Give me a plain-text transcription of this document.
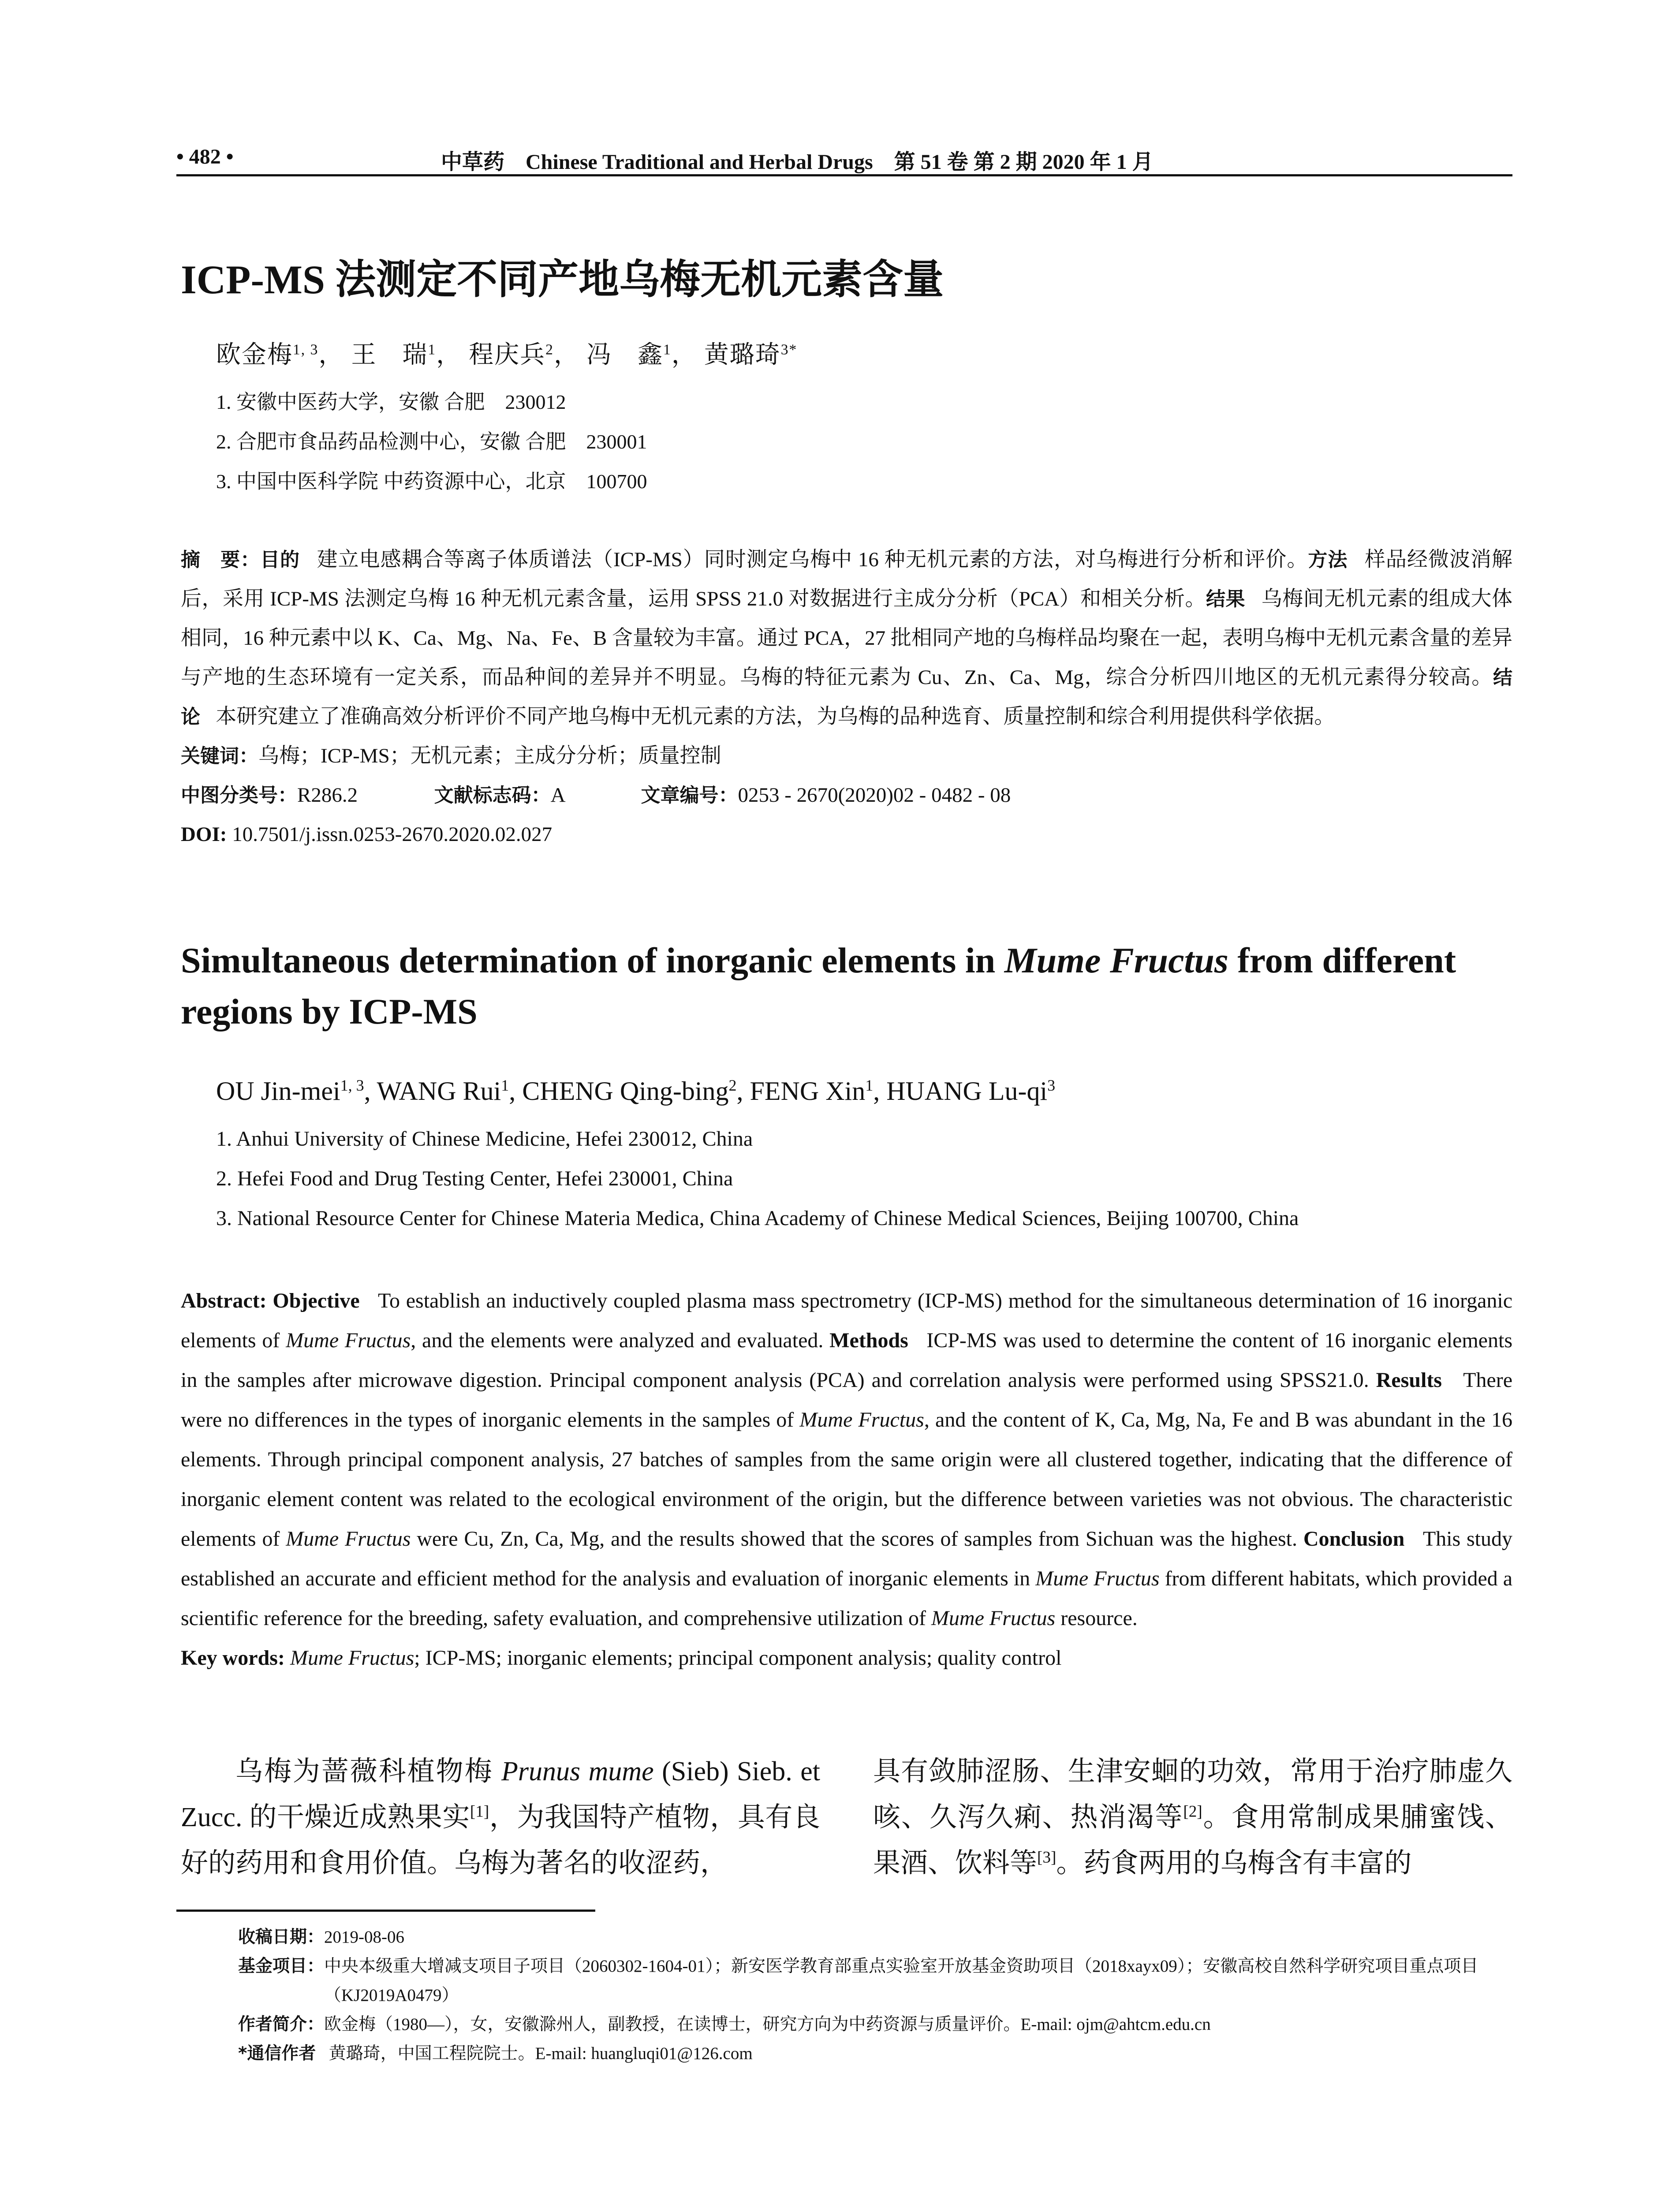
• 482 •	中草药　Chinese Traditional and Herbal Drugs　第 51 卷 第 2 期 2020 年 1 月
ICP-MS 法测定不同产地乌梅无机元素含量
欧金梅$^{1, 3}$， 王　瑞$^1$， 程庆兵$^2$， 冯　鑫$^1$， 黄璐琦$^{3*}$
1. 安徽中医药大学，安徽 合肥　230012
2. 合肥市食品药品检测中心，安徽 合肥　230001
3. 中国中医科学院 中药资源中心，北京　100700

摘　要：目的 建立电感耦合等离子体质谱法（ICP-MS）同时测定乌梅中 16 种无机元素的方法，对乌梅进行分析和评价。方法 样品经微波消解后，采用 ICP-MS 法测定乌梅 16 种无机元素含量，运用 SPSS 21.0 对数据进行主成分分析（PCA）和相关分析。结果 乌梅间无机元素的组成大体相同，16 种元素中以 K、Ca、Mg、Na、Fe、B 含量较为丰富。通过 PCA，27 批相同产地的乌梅样品均聚在一起，表明乌梅中无机元素含量的差异与产地的生态环境有一定关系，而品种间的差异并不明显。乌梅的特征元素为 Cu、Zn、Ca、Mg，综合分析四川地区的无机元素得分较高。结论 本研究建立了准确高效分析评价不同产地乌梅中无机元素的方法，为乌梅的品种选育、质量控制和综合利用提供科学依据。

关键词：乌梅；ICP-MS；无机元素；主成分分析；质量控制

中图分类号：R286.2	文献标志码：A	文章编号：0253 - 2670(2020)02 - 0482 - 08

DOI: 10.7501/j.issn.0253-2670.2020.02.027

Simultaneous determination of inorganic elements in Mume Fructus from different regions by ICP-MS
OU Jin-mei$^{1, 3}$, WANG Rui$^1$, CHENG Qing-bing$^2$, FENG Xin$^1$, HUANG $Lu-qi^3$
1. Anhui University of Chinese Medicine, Hefei 230012, China
2. Hefei Food and Drug Testing Center, Hefei 230001, China
3. National Resource Center for Chinese Materia Medica, China Academy of Chinese Medical Sciences, Beijing 100700, China

Abstract: Objective To establish an inductively coupled plasma mass spectrometry (ICP-MS) method for the simultaneous determination of 16 inorganic elements of Mume Fructus, and the elements were analyzed and evaluated. Methods ICP-MS was used to determine the content of 16 inorganic elements in the samples after microwave digestion. Principal component analysis (PCA) and correlation analysis were performed using SPSS21.0. Results There were no differences in the types of inorganic elements in the samples of Mume Fructus, and the content of K, Ca, Mg, Na, Fe and B was abundant in the 16 elements. Through principal component analysis, 27 batches of samples from the same origin were all clustered together, indicating that the difference of inorganic element content was related to the ecological environment of the origin, but the difference between varieties was not obvious. The characteristic elements of Mume Fructus were Cu, Zn, Ca, Mg, and the results showed that the scores of samples from Sichuan was the highest. Conclusion This study established an accurate and efficient method for the analysis and evaluation of inorganic elements in Mume Fructus from different habitats, which provided a scientific reference for the breeding, safety evaluation, and comprehensive utilization of Mume Fructus resource.

Key words: Mume Fructus; ICP-MS; inorganic elements; principal component analysis; quality control

乌梅为蔷薇科植物梅 Prunus mume (Sieb) Sieb. et Zucc. 的干燥近成熟果实[1]，为我国特产植物，具有良好的药用和食用价值。乌梅为著名的收涩药，
具有敛肺涩肠、生津安蛔的功效，常用于治疗肺虚久咳、久泻久痢、热消渴等[2]。食用常制成果脯蜜饯、果酒、饮料等[3]。药食两用的乌梅含有丰富的
收稿日期： 2019-08-06
基金项目： 中央本级重大增减支项目子项目（2060302-1604-01）；新安医学教育部重点实验室开放基金资助项目（2018xayx09）；安徽高校自然科学研究项目重点项目（KJ2019A0479）
作者简介： 欧金梅（1980—），女，安徽滁州人，副教授，在读博士，研究方向为中药资源与质量评价。E-mail: ojm@ahtcm.edu.cn
*通信作者
黄璐琦，中国工程院院士。E-mail: huangluqi01@126.com
